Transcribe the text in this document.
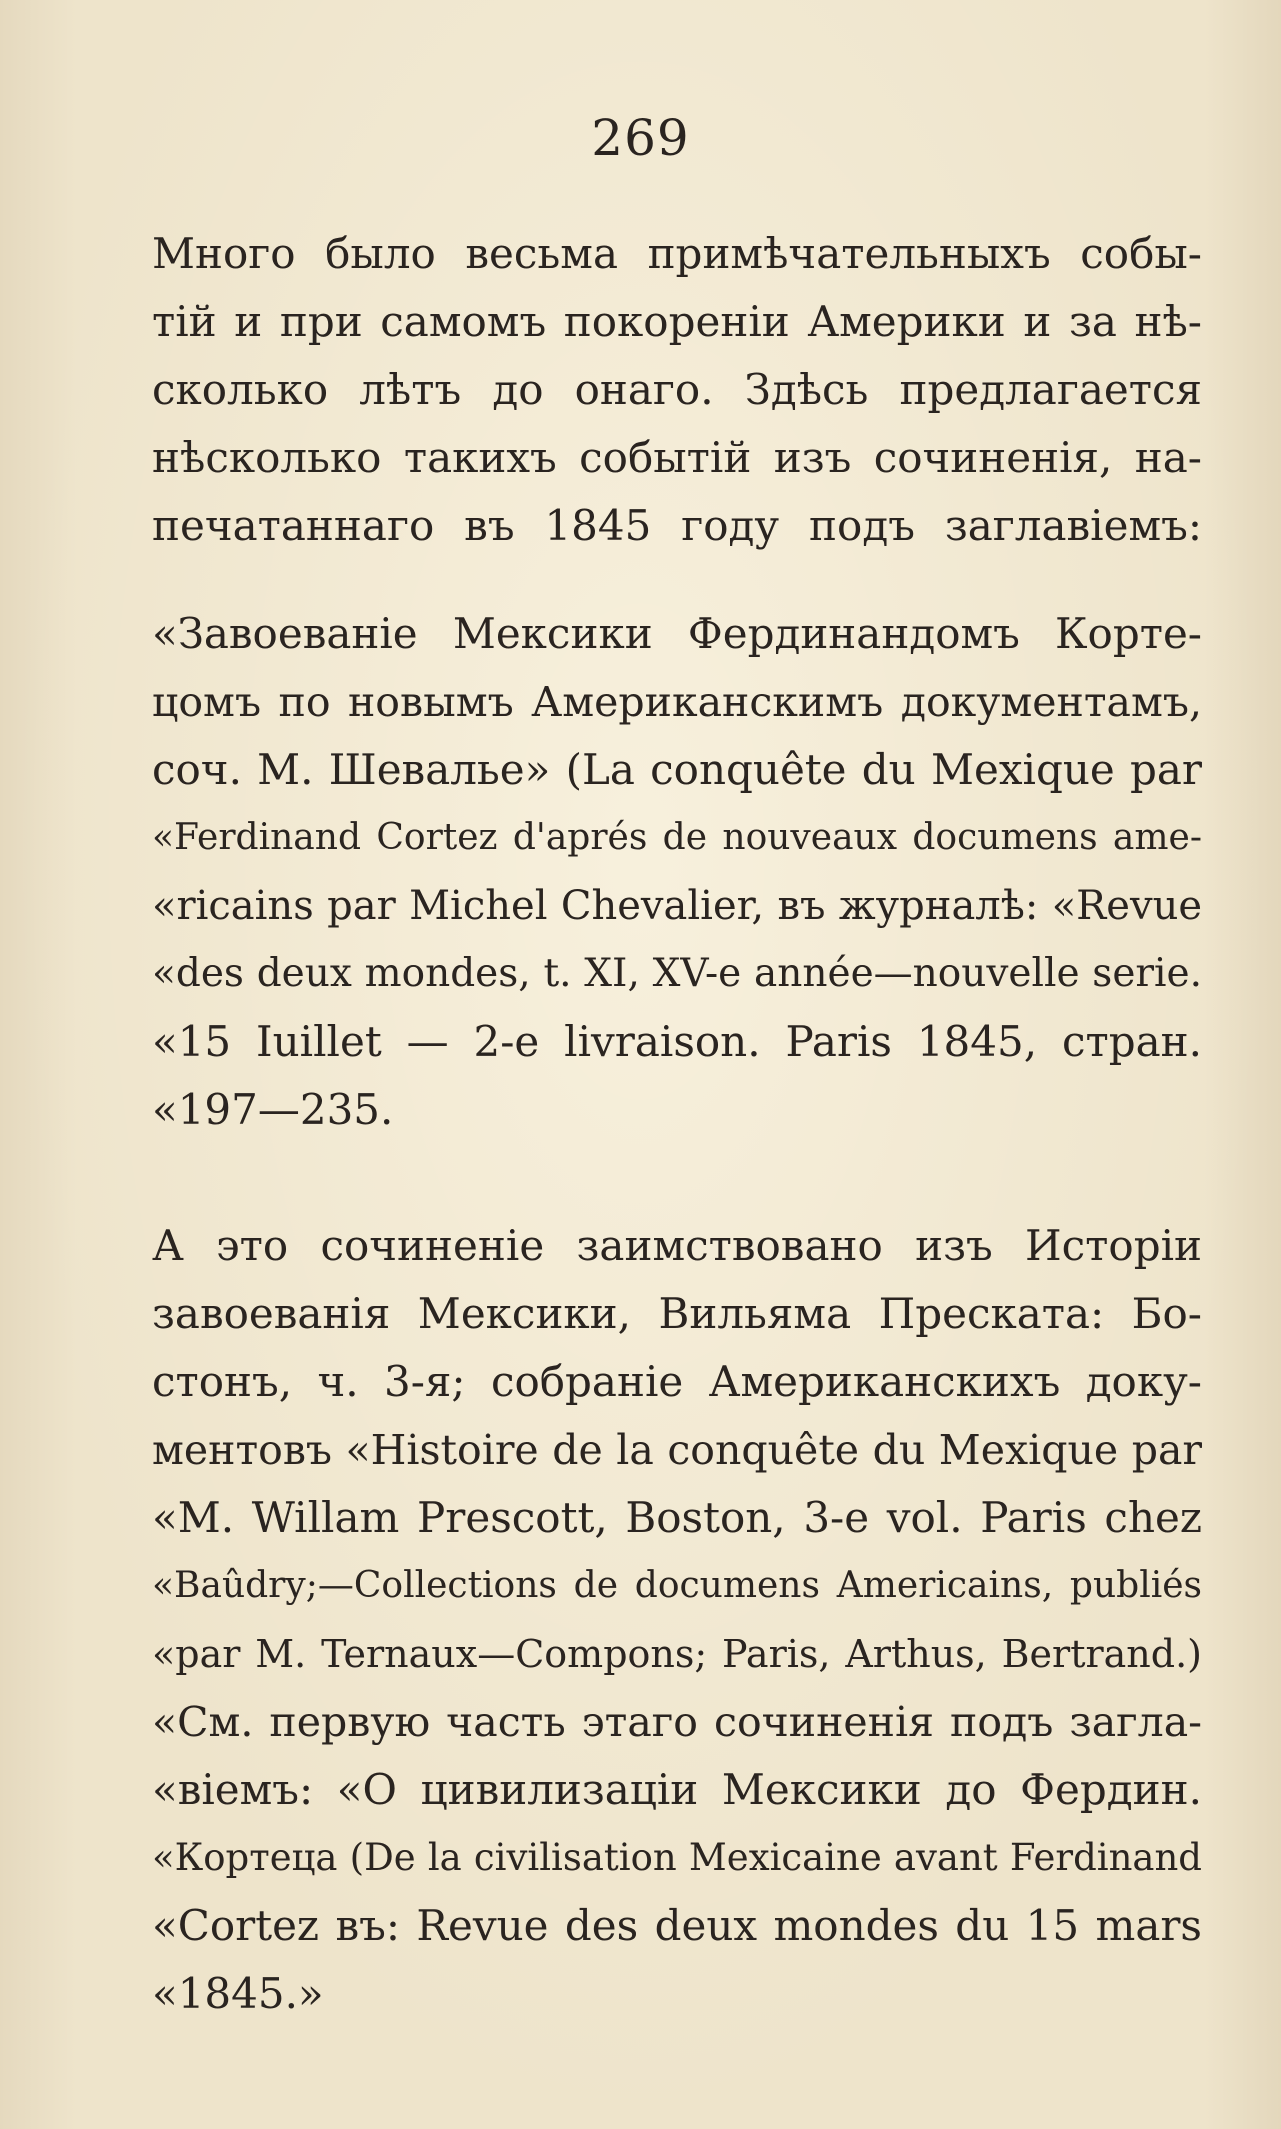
269
Много было весьма примѣчательныхъ собы-
тій и при самомъ покореніи Америки и за нѣ-
сколько лѣтъ до онаго. Здѣсь предлагается
нѣсколько такихъ событій изъ сочиненія, на-
печатаннаго въ 1845 году подъ заглавіемъ:
«Завоеваніе Мексики Фердинандомъ Корте-
цомъ по новымъ Американскимъ документамъ,
соч. М. Шевалье» (La conquête du Mexique par
«Ferdinand Cortez d'aprés de nouveaux documens ame-
«ricains par Michel Chevalier, въ журналѣ: «Revue
«des deux mondes, t. XI, XV-e annéе—nouvelle serie.
«15 Iuillet — 2-e livraison. Paris 1845, стран.
«197—235.
А это сочиненіе заимствовано изъ Исторіи
завоеванія Мексики, Вильяма Прескатa: Бо-
стонъ, ч. 3-я; собраніе Американскихъ доку-
ментовъ «Histoire de la conquête du Mexique par
«M. Willam Prescott, Boston, 3-e vol. Paris chez
«Baûdry;—Collections de documens Americains, publiés
«par M. Ternaux—Compons; Paris, Arthus, Bertrand.)
«См. первую часть этаго сочиненія подъ загла-
«віемъ: «О цивилизаціи Мексики до Фердин.
«Кортеца (De la civilisation Mexicaine avant Ferdinand
«Cortez въ: Revue des deux mondes du 15 mars
«1845.»
